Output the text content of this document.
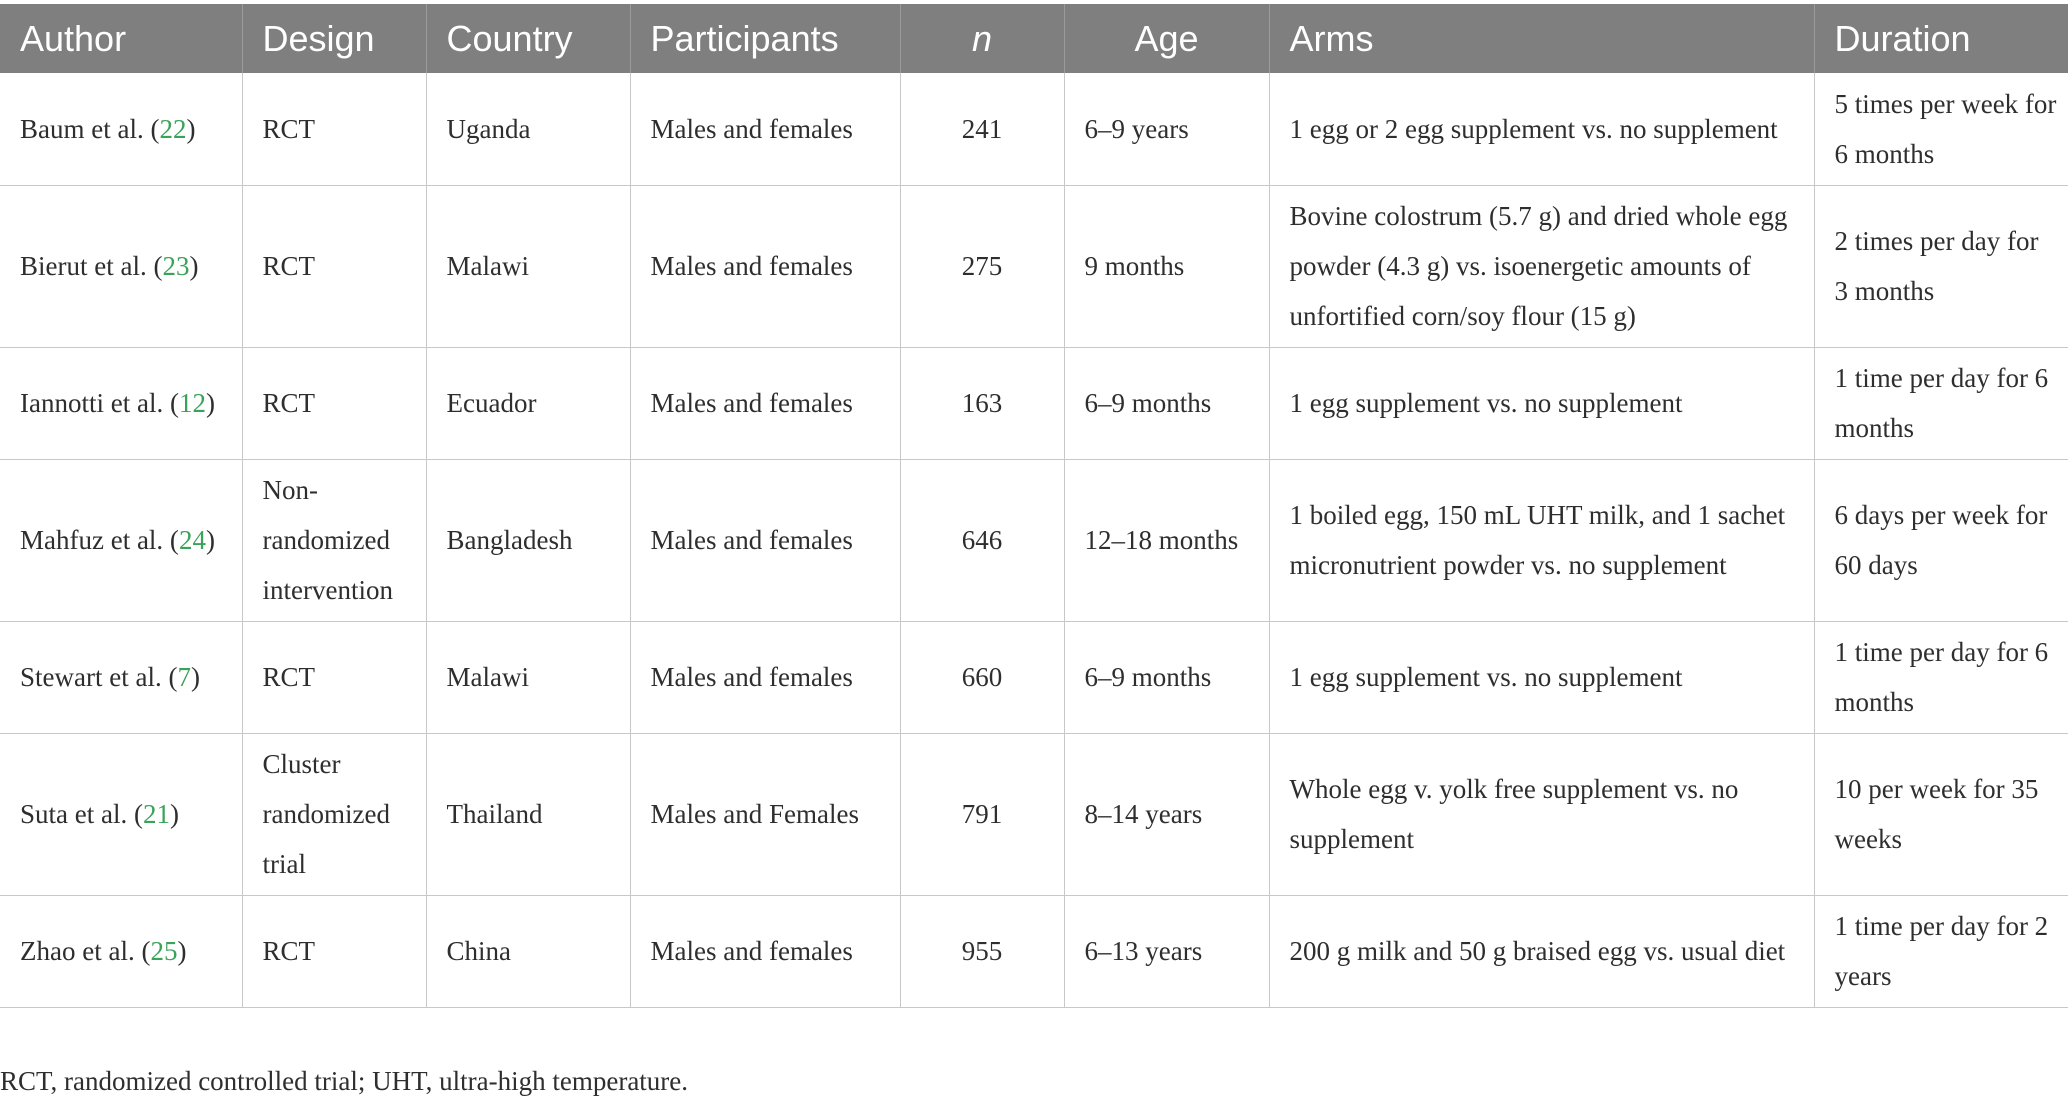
Author	Design	Country	Participants	n	Age	Arms	Duration
Baum et al. (22)	RCT	Uganda	Males and females	241	6–9 years	1 egg or 2 egg supplement vs. no supplement	5 times per week for 6 months
Bierut et al. (23)	RCT	Malawi	Males and females	275	9 months	Bovine colostrum (5.7 g) and dried whole egg powder (4.3 g) vs. isoenergetic amounts of unfortified corn/soy flour (15 g)	2 times per day for 3 months
Iannotti et al. (12)	RCT	Ecuador	Males and females	163	6–9 months	1 egg supplement vs. no supplement	1 time per day for 6 months
Mahfuz et al. (24)	Non-randomized intervention	Bangladesh	Males and females	646	12–18 months	1 boiled egg, 150 mL UHT milk, and 1 sachet micronutrient powder vs. no supplement	6 days per week for 60 days
Stewart et al. (7)	RCT	Malawi	Males and females	660	6–9 months	1 egg supplement vs. no supplement	1 time per day for 6 months
Suta et al. (21)	Cluster randomized trial	Thailand	Males and Females	791	8–14 years	Whole egg v. yolk free supplement vs. no supplement	10 per week for 35 weeks
Zhao et al. (25)	RCT	China	Males and females	955	6–13 years	200 g milk and 50 g braised egg vs. usual diet	1 time per day for 2 years
RCT, randomized controlled trial; UHT, ultra-high temperature.
